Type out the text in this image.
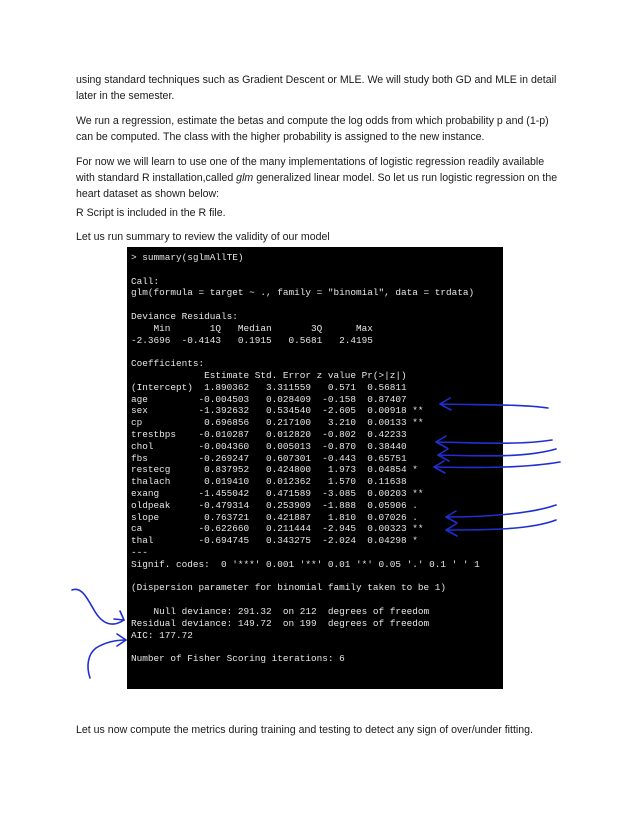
using standard techniques such as Gradient Descent or MLE. We will study both GD and MLE in detail later in the semester.

We run a regression, estimate the betas and compute the log odds from which probability p and (1-p) can be computed. The class with the higher probability is assigned to the new instance.

For now we will learn to use one of the many implementations of logistic regression readily available with standard R installation,called glm generalized linear model. So let us run logistic regression on the heart dataset as shown below:

R Script is included in the R file.

Let us run summary to review the validity of our model

> summary(sglmAllTE)
Call:
glm(formula = target ~ ., family = "binomial", data = trdata)
Deviance Residuals:
Min       1Q   Median       3Q      Max
-2.3696  -0.4143   0.1915   0.5681   2.4195
Coefficients:
Estimate Std. Error z value Pr(>|z|)
(Intercept)  1.890362   3.311559   0.571  0.56811
age         -0.004503   0.028409  -0.158  0.87407
sex         -1.392632   0.534540  -2.605  0.00918 **
cp           0.696856   0.217100   3.210  0.00133 **
trestbps    -0.010287   0.012820  -0.802  0.42233
chol        -0.004360   0.005013  -0.870  0.38440
fbs         -0.269247   0.607301  -0.443  0.65751
restecg      0.837952   0.424800   1.973  0.04854 *
thalach      0.019410   0.012362   1.570  0.11638
exang       -1.455042   0.471589  -3.085  0.00203 **
oldpeak     -0.479314   0.253909  -1.888  0.05906 .
slope        0.763721   0.421887   1.810  0.07026 .
ca          -0.622660   0.211444  -2.945  0.00323 **
thal        -0.694745   0.343275  -2.024  0.04298 *
---
Signif. codes:  0 '***' 0.001 '**' 0.01 '*' 0.05 '.' 0.1 ' ' 1
(Dispersion parameter for binomial family taken to be 1)
Null deviance: 291.32  on 212  degrees of freedom
Residual deviance: 149.72  on 199  degrees of freedom
AIC: 177.72
Number of Fisher Scoring iterations: 6

Let us now compute the metrics during training and testing to detect any sign of over/under fitting.
